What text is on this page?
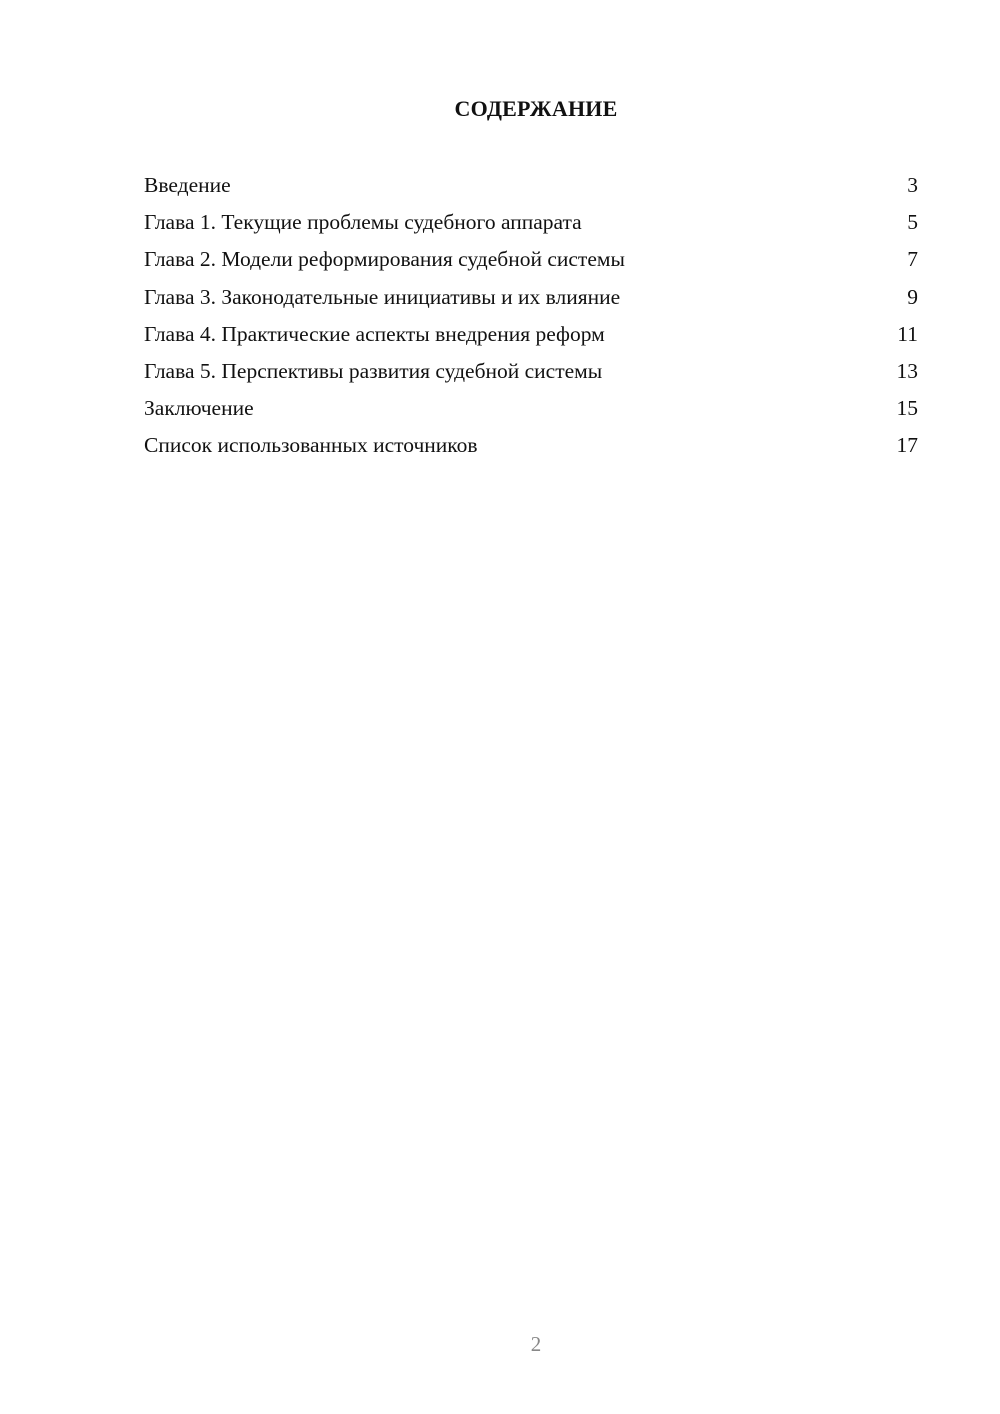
СОДЕРЖАНИЕ
Введение	3
Глава 1. Текущие проблемы судебного аппарата	5
Глава 2. Модели реформирования судебной системы	7
Глава 3. Законодательные инициативы и их влияние	9
Глава 4. Практические аспекты внедрения реформ	11
Глава 5. Перспективы развития судебной системы	13
Заключение	15
Список использованных источников	17
2
